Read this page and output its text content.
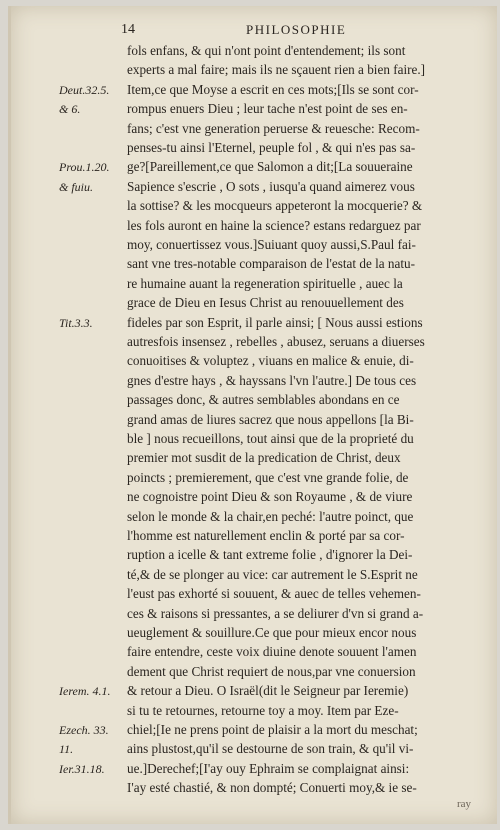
14	PHILOSOPHIE
fols enfans, & qui n'ont point d'entendement; ils sont
experts a mal faire; mais ils ne sçauent rien a bien faire.]
Item,ce que Moyse a escrit en ces mots;[Ils se sont cor-
rompus enuers Dieu ; leur tache n'est point de ses en-
fans; c'est vne generation peruerse & reuesche: Recom-
penses-tu ainsi l'Eternel, peuple fol , & qui n'es pas sa-
ge?[Pareillement,ce que Salomon a dit;[La souueraine
Sapience s'escrie , O sots , iusqu'a quand aimerez vous
la sottise? & les mocqueurs appeteront la mocquerie? &
les fols auront en haine la science? estans redarguez par
moy, conuertissez vous.]Suiuant quoy aussi,S.Paul fai-
sant vne tres-notable comparaison de l'estat de la natu-
re humaine auant la regeneration spirituelle , auec la
grace de Dieu en Iesus Christ au renouuellement des
fideles par son Esprit, il parle ainsi; [ Nous aussi estions
autresfois insensez , rebelles , abusez, seruans a diuerses
conuoitises & voluptez , viuans en malice & enuie, di-
gnes d'estre hays , & hayssans l'vn l'autre.] De tous ces
passages donc, & autres semblables abondans en ce
grand amas de liures sacrez que nous appellons [la Bi-
ble ] nous recueillons, tout ainsi que de la proprieté du
premier mot susdit de la predication de Christ, deux
poincts ; premierement, que c'est vne grande folie, de
ne cognoistre point Dieu & son Royaume , & de viure
selon le monde & la chair,en peché: l'autre poinct, que
l'homme est naturellement enclin & porté par sa cor-
ruption a icelle & tant extreme folie , d'ignorer la Dei-
té,& de se plonger au vice: car autrement le S.Esprit ne
l'eust pas exhorté si souuent, & auec de telles vehemen-
ces & raisons si pressantes, a se deliurer d'vn si grand a-
ueuglement & souillure.Ce que pour mieux encor nous
faire entendre, ceste voix diuine denote souuent l'amen
dement que Christ requiert de nous,par vne conuersion
& retour a Dieu. O Israël(dit le Seigneur par Ieremie)
si tu te retournes, retourne toy a moy. Item par Eze-
chiel;[Ie ne prens point de plaisir a la mort du meschat;
ains plustost,qu'il se destourne de son train, & qu'il vi-
ue.]Derechef;[I'ay ouy Ephraim se complaignat ainsi:
I'ay esté chastié, & non dompté; Conuerti moy,& ie se-
Deut.32.5.
& 6.
Prou.1.20.
& fuiu.
Tit.3.3.
Ierem. 4.1.
Ezech. 33.
11.
Ier.31.18.
ray
